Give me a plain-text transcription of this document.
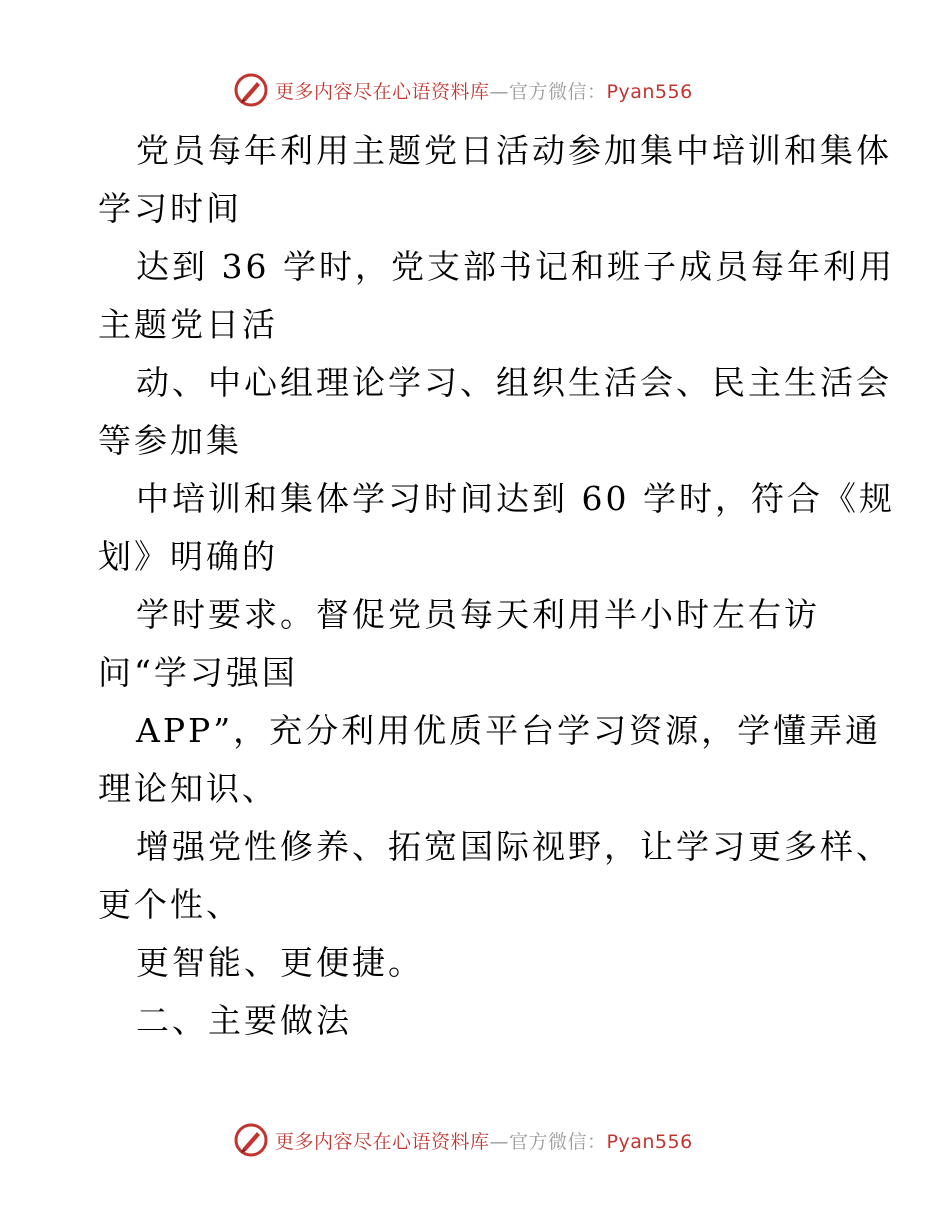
更多内容尽在心语资料库—官方微信：Pyan556
党员每年利用主题党日活动参加集中培训和集体
学习时间
达到 36 学时，党支部书记和班子成员每年利用
主题党日活
动、中心组理论学习、组织生活会、民主生活会
等参加集
中培训和集体学习时间达到 60 学时，符合《规
划》明确的
学时要求。督促党员每天利用半小时左右访
问“学习强国
APP”，充分利用优质平台学习资源，学懂弄通
理论知识、
增强党性修养、拓宽国际视野，让学习更多样、
更个性、
更智能、更便捷。
二、主要做法
更多内容尽在心语资料库—官方微信：Pyan556
